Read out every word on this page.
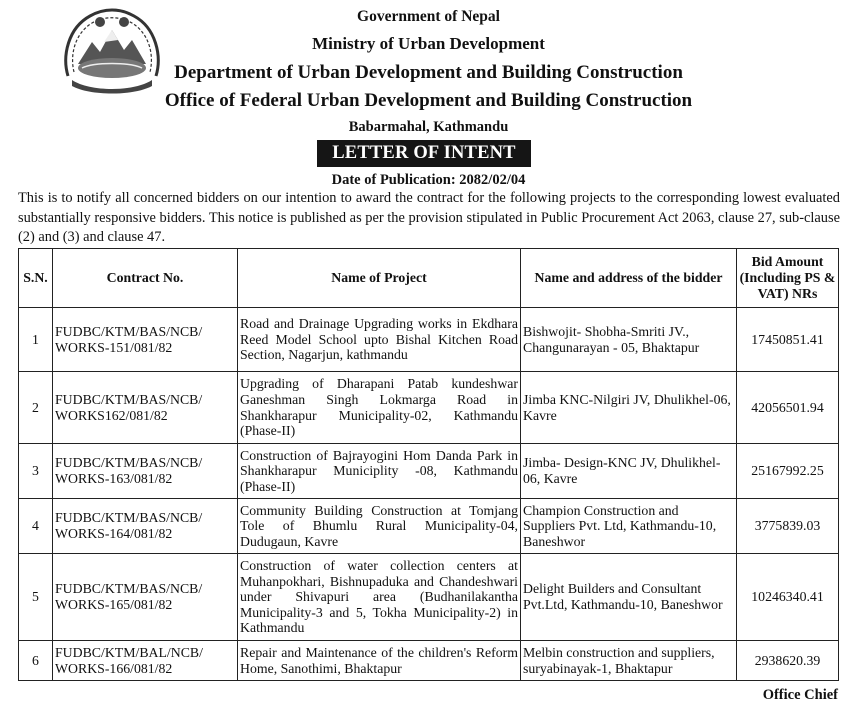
Government of Nepal
Ministry of Urban Development
Department of Urban Development and Building Construction
Office of Federal Urban Development and Building Construction
Babarmahal, Kathmandu
LETTER OF INTENT
Date of Publication: 2082/02/04
This is to notify all concerned bidders on our intention to award the contract for the following projects to the corresponding lowest evaluated substantially responsive bidders. This notice is published as per the provision stipulated in Public Procurement Act 2063, clause 27, sub-clause (2) and (3) and clause 47.
S.N.	Contract No.	Name of Project	Name and address of the bidder	Bid Amount (Including PS & VAT) NRs
1	FUDBC/KTM/BAS/NCB/ WORKS-151/081/82	Road and Drainage Upgrading works in Ekdhara Reed Model School upto Bishal Kitchen Road Section, Nagarjun, kathmandu	Bishwojit- Shobha-Smriti JV., Changunarayan - 05, Bhaktapur	17450851.41
2	FUDBC/KTM/BAS/NCB/ WORKS162/081/82	Upgrading of Dharapani Patab kundeshwar Ganeshman Singh Lokmarga Road in Shankharapur Municipality-02, Kathmandu (Phase-II)	Jimba KNC-Nilgiri JV, Dhulikhel-06, Kavre	42056501.94
3	FUDBC/KTM/BAS/NCB/ WORKS-163/081/82	Construction of Bajrayogini Hom Danda Park in Shankharapur Municiplity -08, Kathmandu (Phase-II)	Jimba- Design-KNC JV, Dhulikhel-06, Kavre	25167992.25
4	FUDBC/KTM/BAS/NCB/ WORKS-164/081/82	Community Building Construction at Tomjang Tole of Bhumlu Rural Municipality-04, Dudugaun, Kavre	Champion Construction and Suppliers Pvt. Ltd, Kathmandu-10, Baneshwor	3775839.03
5	FUDBC/KTM/BAS/NCB/ WORKS-165/081/82	Construction of water collection centers at Muhanpokhari, Bishnupaduka and Chandeshwari under Shivapuri area (Budhanilakantha Municipality-3 and 5, Tokha Municipality-2) in Kathmandu	Delight Builders and Consultant Pvt.Ltd, Kathmandu-10, Baneshwor	10246340.41
6	FUDBC/KTM/BAL/NCB/ WORKS-166/081/82	Repair and Maintenance of the children's Reform Home, Sanothimi, Bhaktapur	Melbin construction and suppliers, suryabinayak-1, Bhaktapur	2938620.39
Office Chief
